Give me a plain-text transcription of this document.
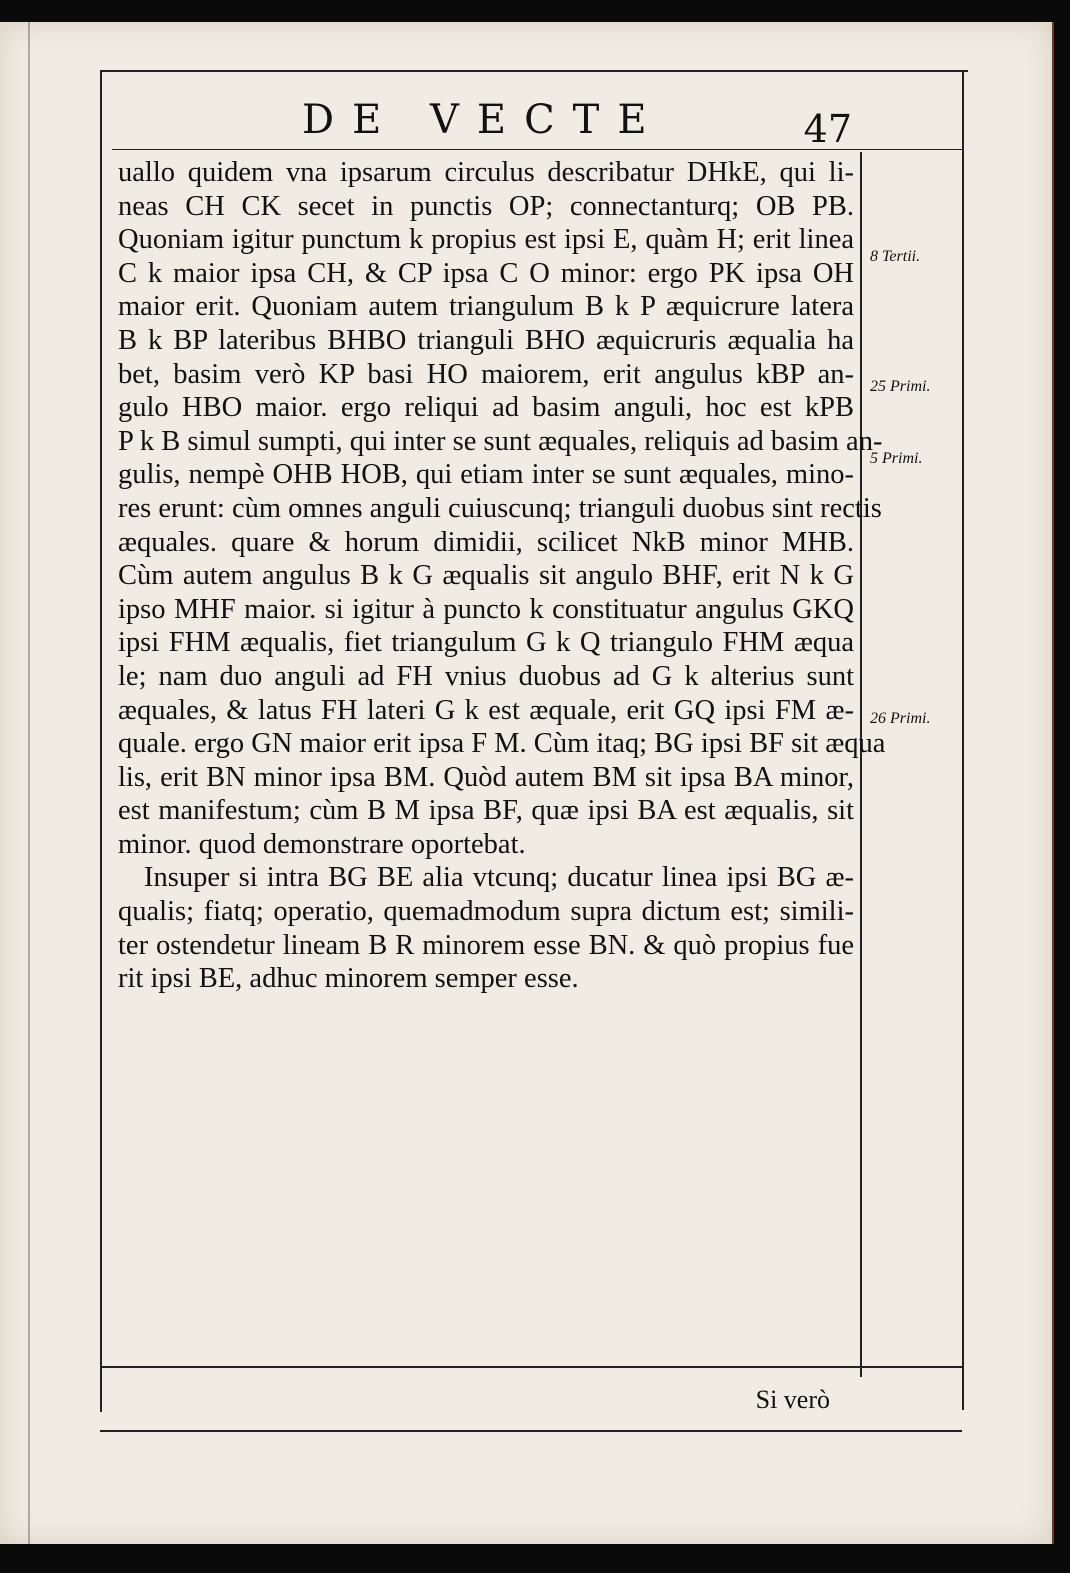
DE VECTE	47
uallo quidem vna ipsarum circulus describatur DHkE, qui li-
neas CH CK secet in punctis OP; connectanturq; OB PB.
Quoniam igitur punctum k propius est ipsi E, quàm H; erit linea
C k maior ipsa CH, & CP ipsa C O minor: ergo PK ipsa OH
maior erit. Quoniam autem triangulum B k P æquicrure latera
B k BP lateribus BHBO trianguli BHO æquicruris æqualia ha
bet, basim verò KP basi HO maiorem, erit angulus kBP an-
gulo HBO maior. ergo reliqui ad basim anguli, hoc est kPB
P k B simul sumpti, qui inter se sunt æquales, reliquis ad basim an-
gulis, nempè OHB HOB, qui etiam inter se sunt æquales, mino-
res erunt: cùm omnes anguli cuiuscunq; trianguli duobus sint rectis
æquales. quare & horum dimidii, scilicet NkB minor MHB.
Cùm autem angulus B k G æqualis sit angulo BHF, erit N k G
ipso MHF maior. si igitur à puncto k constituatur angulus GKQ
ipsi FHM æqualis, fiet triangulum G k Q triangulo FHM æqua
le; nam duo anguli ad FH vnius duobus ad G k alterius sunt
æquales, & latus FH lateri G k est æquale, erit GQ ipsi FM æ-
quale. ergo GN maior erit ipsa F M. Cùm itaq; BG ipsi BF sit æqua
lis, erit BN minor ipsa BM. Quòd autem BM sit ipsa BA minor,
est manifestum; cùm B M ipsa BF, quæ ipsi BA est æqualis, sit
minor. quod demonstrare oportebat.
Insuper si intra BG BE alia vtcunq; ducatur linea ipsi BG æ-
qualis; fiatq; operatio, quemadmodum supra dictum est; simili-
ter ostendetur lineam B R minorem esse BN. & quò propius fue
rit ipsi BE, adhuc minorem semper esse.
8 Tertii.
25 Primi.
5 Primi.
26 Primi.
Si verò
